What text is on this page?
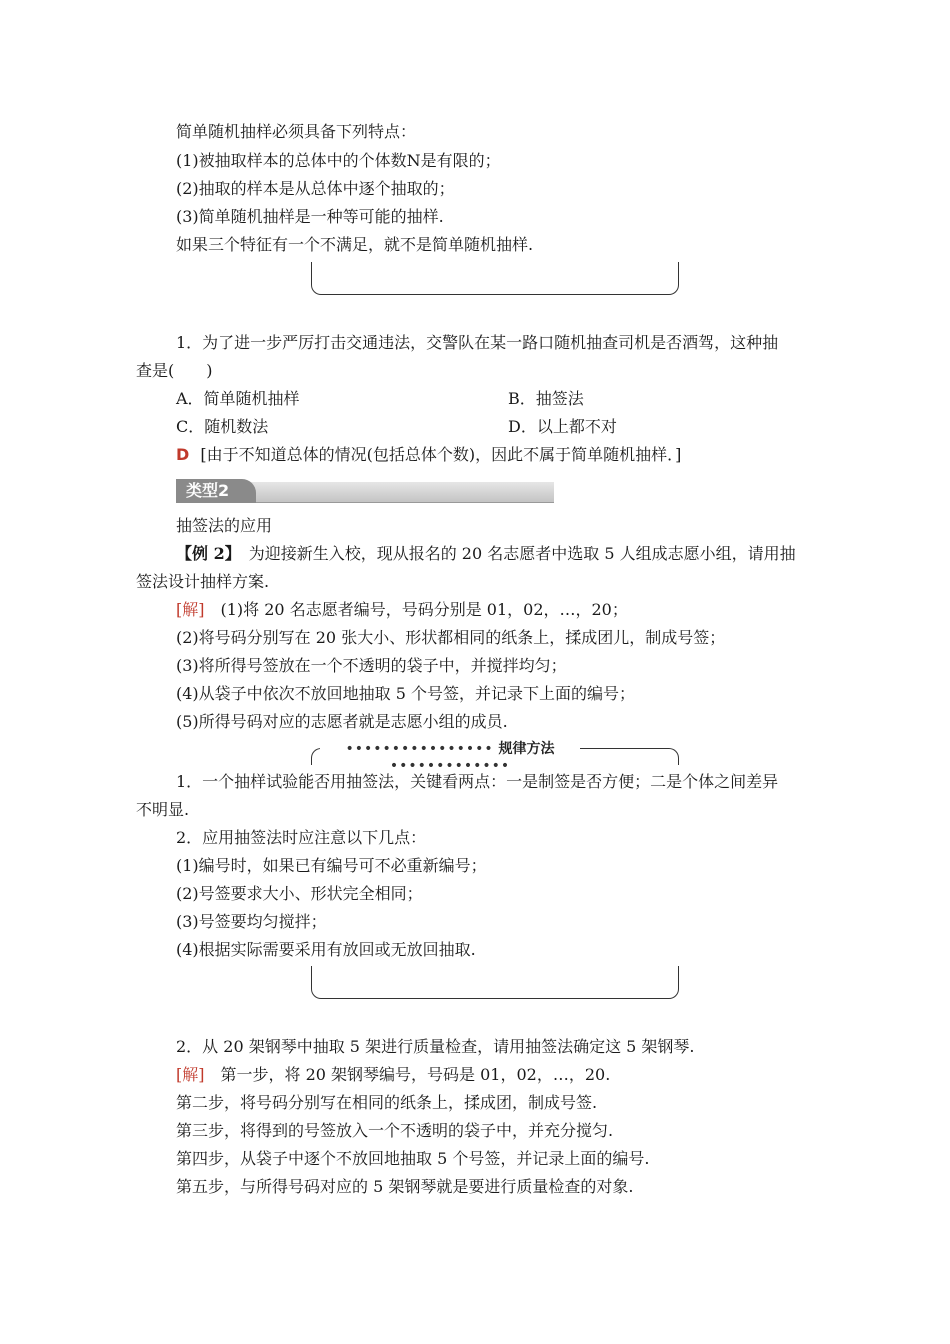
简单随机抽样必须具备下列特点：
(1)被抽取样本的总体中的个体数N是有限的；
(2)抽取的样本是从总体中逐个抽取的；
(3)简单随机抽样是一种等可能的抽样.
如果三个特征有一个不满足，就不是简单随机抽样.
1．为了进一步严厉打击交通违法，交警队在某一路口随机抽查司机是否酒驾，这种抽
查是(　　)
A．简单随机抽样	B．抽签法
C．随机数法	D．以上都不对
D [由于不知道总体的情况(包括总体个数)，因此不属于简单随机抽样．]
类型2
抽签法的应用
【例 2】　为迎接新生入校，现从报名的 20 名志愿者中选取 5 人组成志愿小组，请用抽
签法设计抽样方案.
[解]　(1)将 20 名志愿者编号，号码分别是 01，02，…，20；
(2)将号码分别写在 20 张大小、形状都相同的纸条上，揉成团儿，制成号签；
(3)将所得号签放在一个不透明的袋子中，并搅拌均匀；
(4)从袋子中依次不放回地抽取 5 个号签，并记录下上面的编号；
(5)所得号码对应的志愿者就是志愿小组的成员.
•••••••••••••••• 规律方法 •••••••••••••
1．一个抽样试验能否用抽签法，关键看两点：一是制签是否方便；二是个体之间差异
不明显.
2．应用抽签法时应注意以下几点：
(1)编号时，如果已有编号可不必重新编号；
(2)号签要求大小、形状完全相同；
(3)号签要均匀搅拌；
(4)根据实际需要采用有放回或无放回抽取.
2．从 20 架钢琴中抽取 5 架进行质量检查，请用抽签法确定这 5 架钢琴.
[解]　第一步，将 20 架钢琴编号，号码是 01，02，…，20.
第二步，将号码分别写在相同的纸条上，揉成团，制成号签.
第三步，将得到的号签放入一个不透明的袋子中，并充分搅匀.
第四步，从袋子中逐个不放回地抽取 5 个号签，并记录上面的编号.
第五步，与所得号码对应的 5 架钢琴就是要进行质量检查的对象.
